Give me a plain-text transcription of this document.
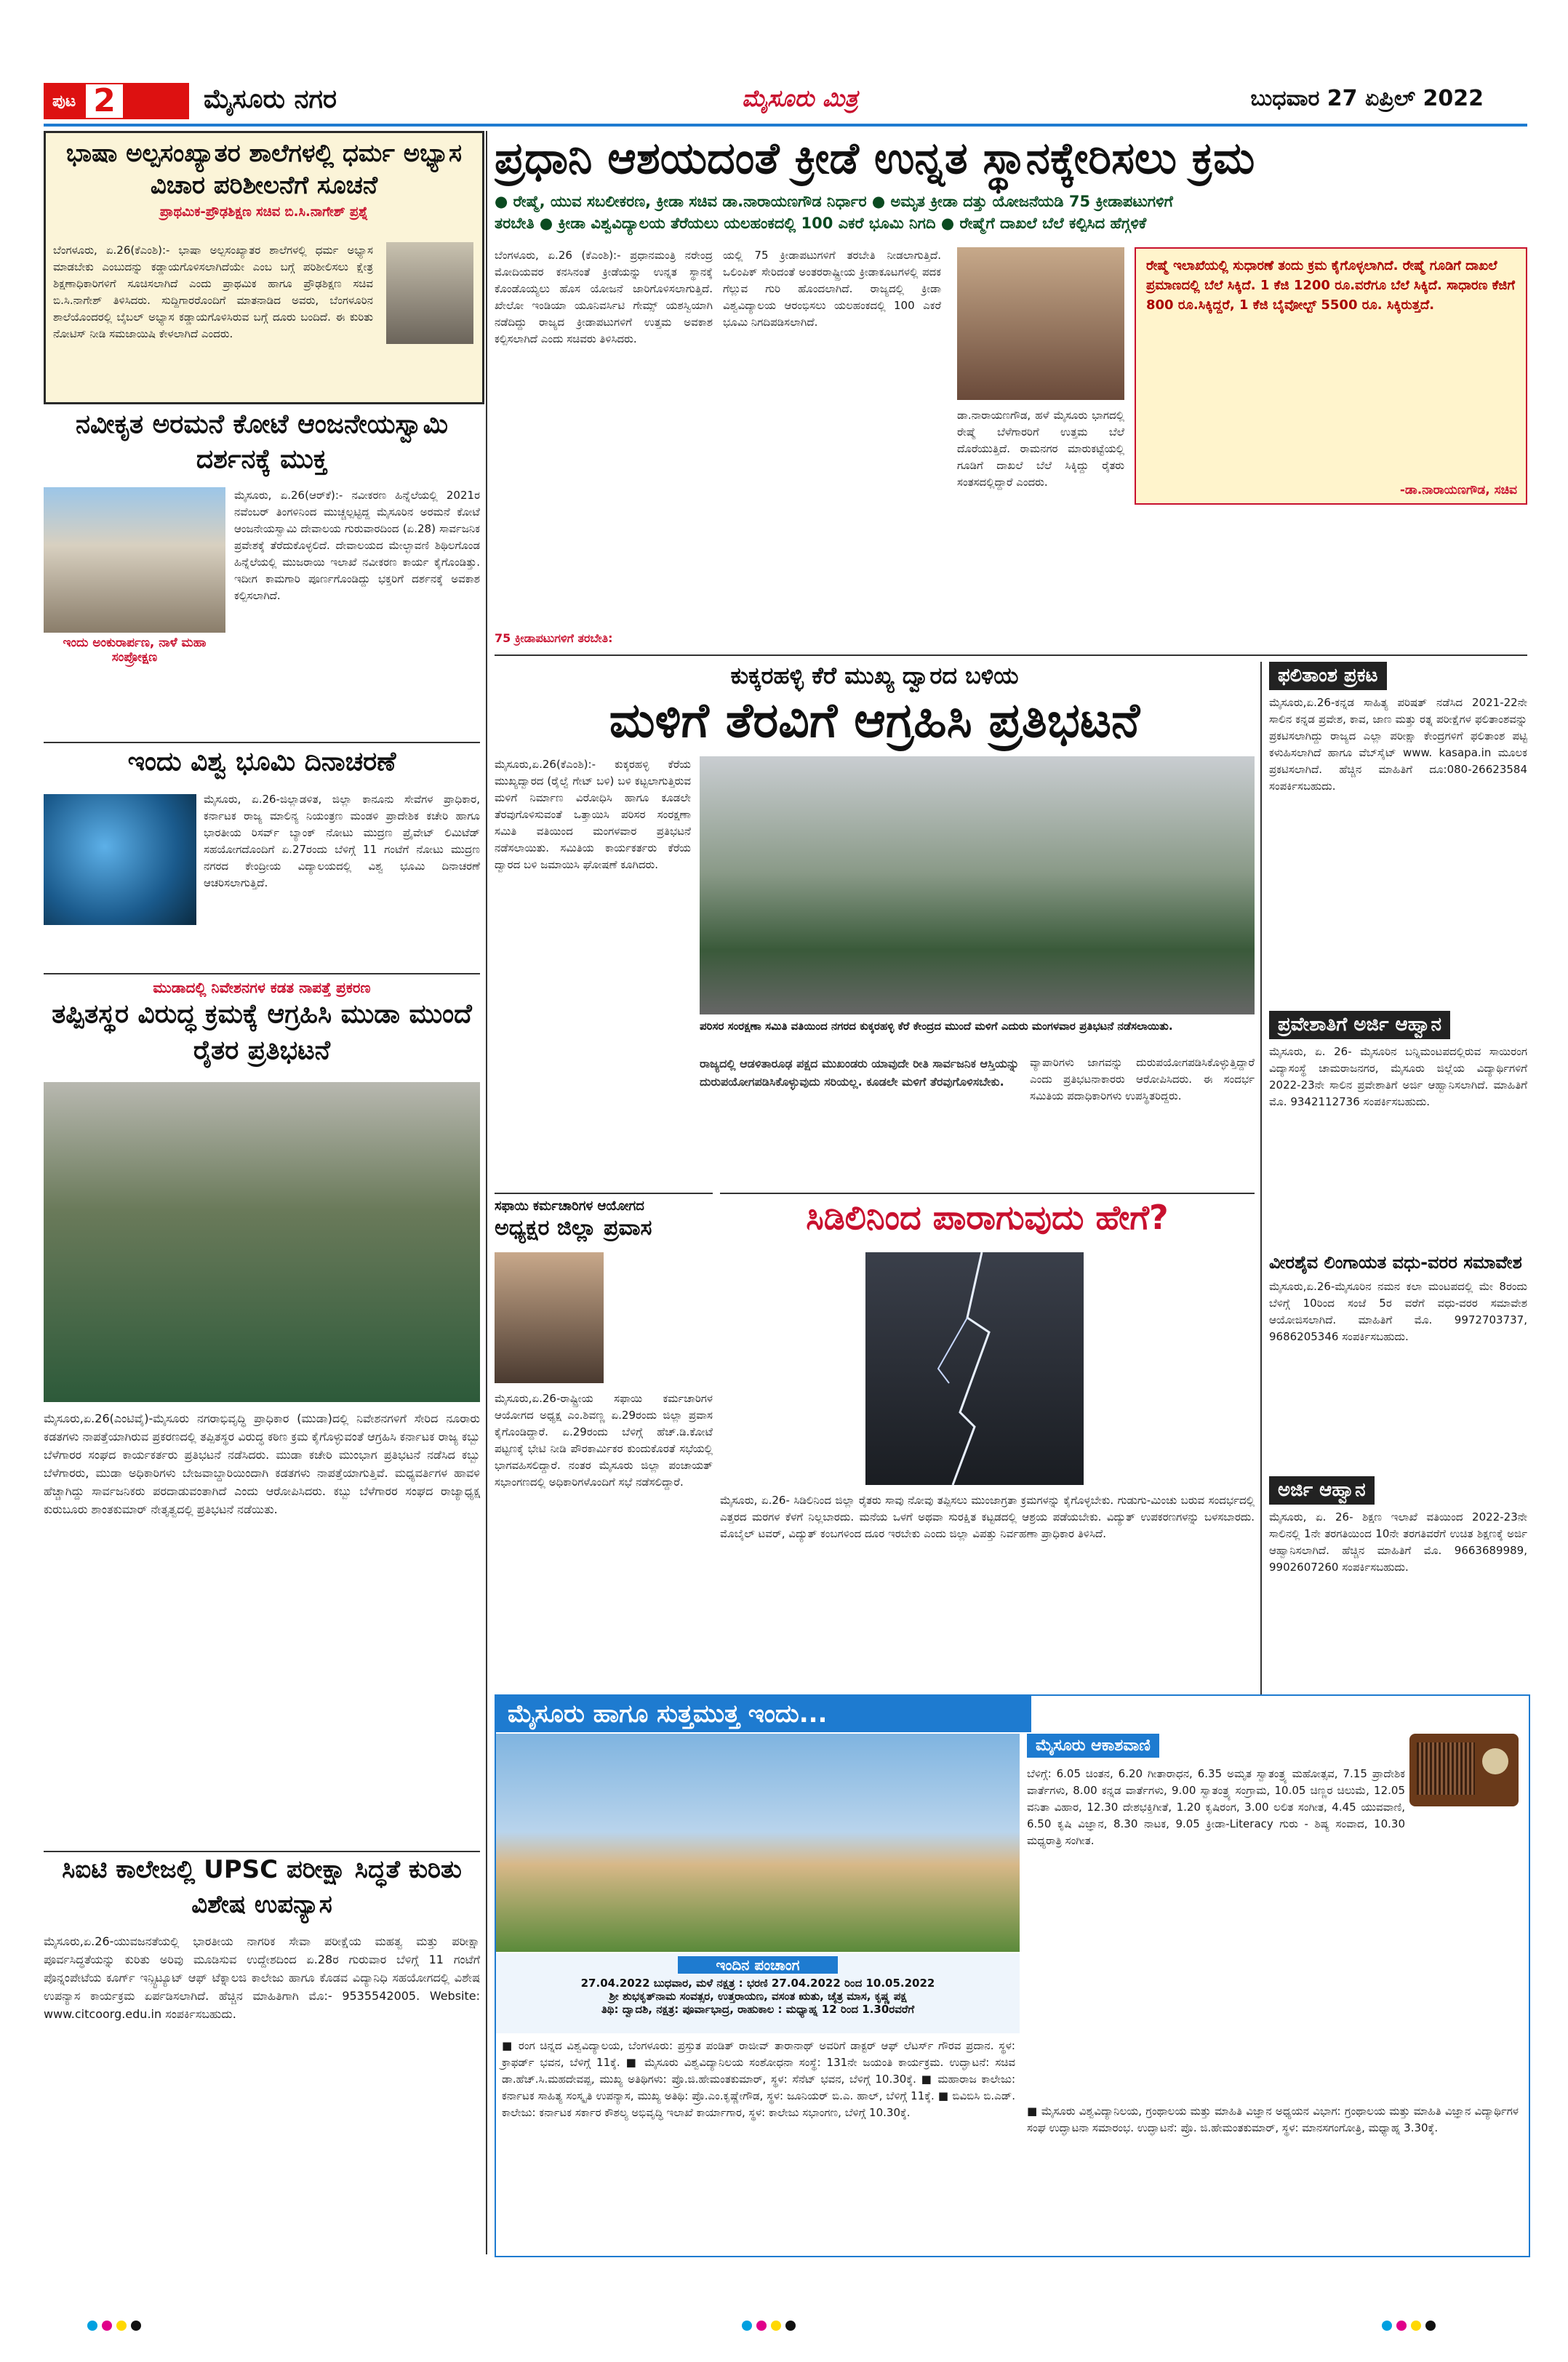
ಪುಟ 2	ಮೈಸೂರು ನಗರ	ಮೈಸೂರು ಮಿತ್ರ	ಬುಧವಾರ 27 ಏಪ್ರಿಲ್ 2022
ಭಾಷಾ ಅಲ್ಪಸಂಖ್ಯಾತರ ಶಾಲೆಗಳಲ್ಲಿ ಧರ್ಮ ಅಭ್ಯಾಸ ವಿಚಾರ ಪರಿಶೀಲನೆಗೆ ಸೂಚನೆ
ಪ್ರಾಥಮಿಕ-ಪ್ರೌಢಶಿಕ್ಷಣ ಸಚಿವ ಬಿ.ಸಿ.ನಾಗೇಶ್ ಪ್ರಶ್ನೆ
ಬೆಂಗಳೂರು, ಏ.26(ಕೆಎಂಶಿ):- ಭಾಷಾ ಅಲ್ಪಸಂಖ್ಯಾತರ ಶಾಲೆಗಳಲ್ಲಿ ಧರ್ಮ ಅಭ್ಯಾಸ ಮಾಡಬೇಕು ಎಂಬುದನ್ನು ಕಡ್ಡಾಯಗೊಳಿಸಲಾಗಿದೆಯೇ ಎಂಬ ಬಗ್ಗೆ ಪರಿಶೀಲಿಸಲು ಕ್ಷೇತ್ರ ಶಿಕ್ಷಣಾಧಿಕಾರಿಗಳಿಗೆ ಸೂಚಿಸಲಾಗಿದೆ ಎಂದು ಪ್ರಾಥಮಿಕ ಹಾಗೂ ಪ್ರೌಢಶಿಕ್ಷಣ ಸಚಿವ ಬಿ.ಸಿ.ನಾಗೇಶ್ ತಿಳಿಸಿದರು. ಸುದ್ದಿಗಾರರೊಂದಿಗೆ ಮಾತನಾಡಿದ ಅವರು, ಬೆಂಗಳೂರಿನ ಶಾಲೆಯೊಂದರಲ್ಲಿ ಬೈಬಲ್ ಅಭ್ಯಾಸ ಕಡ್ಡಾಯಗೊಳಿಸಿರುವ ಬಗ್ಗೆ ದೂರು ಬಂದಿದೆ. ಈ ಕುರಿತು ನೋಟಿಸ್ ನೀಡಿ ಸಮಜಾಯಿಷಿ ಕೇಳಲಾಗಿದೆ ಎಂದರು.
ನವೀಕೃತ ಅರಮನೆ ಕೋಟೆ ಆಂಜನೇಯಸ್ವಾಮಿ ದರ್ಶನಕ್ಕೆ ಮುಕ್ತ
ಇಂದು ಅಂಕುರಾರ್ಪಣ, ನಾಳೆ ಮಹಾ ಸಂಪ್ರೋಕ್ಷಣ
ಮೈಸೂರು, ಏ.26(ಆರ್‌ಕೆ):- ನವೀಕರಣ ಹಿನ್ನೆಲೆಯಲ್ಲಿ 2021ರ ನವೆಂಬರ್ ತಿಂಗಳಿನಿಂದ ಮುಚ್ಚಲ್ಪಟ್ಟಿದ್ದ ಮೈಸೂರಿನ ಅರಮನೆ ಕೋಟೆ ಆಂಜನೇಯಸ್ವಾಮಿ ದೇವಾಲಯ ಗುರುವಾರದಿಂದ (ಏ.28) ಸಾರ್ವಜನಿಕ ಪ್ರವೇಶಕ್ಕೆ ತೆರೆದುಕೊಳ್ಳಲಿದೆ. ದೇವಾಲಯದ ಮೇಲ್ಛಾವಣಿ ಶಿಥಿಲಗೊಂಡ ಹಿನ್ನೆಲೆಯಲ್ಲಿ ಮುಜರಾಯಿ ಇಲಾಖೆ ನವೀಕರಣ ಕಾರ್ಯ ಕೈಗೊಂಡಿತ್ತು. ಇದೀಗ ಕಾಮಗಾರಿ ಪೂರ್ಣಗೊಂಡಿದ್ದು ಭಕ್ತರಿಗೆ ದರ್ಶನಕ್ಕೆ ಅವಕಾಶ ಕಲ್ಪಿಸಲಾಗಿದೆ.
ಇಂದು ವಿಶ್ವ ಭೂಮಿ ದಿನಾಚರಣೆ
ಮೈಸೂರು, ಏ.26-ಜಿಲ್ಲಾಡಳಿತ, ಜಿಲ್ಲಾ ಕಾನೂನು ಸೇವೆಗಳ ಪ್ರಾಧಿಕಾರ, ಕರ್ನಾಟಕ ರಾಜ್ಯ ಮಾಲಿನ್ಯ ನಿಯಂತ್ರಣ ಮಂಡಳಿ ಪ್ರಾದೇಶಿಕ ಕಚೇರಿ ಹಾಗೂ ಭಾರತೀಯ ರಿಸರ್ವ್ ಬ್ಯಾಂಕ್ ನೋಟು ಮುದ್ರಣ ಪ್ರೈವೇಟ್ ಲಿಮಿಟೆಡ್ ಸಹಯೋಗದೊಂದಿಗೆ ಏ.27ರಂದು ಬೆಳಿಗ್ಗೆ 11 ಗಂಟೆಗೆ ನೋಟು ಮುದ್ರಣ ನಗರದ ಕೇಂದ್ರೀಯ ವಿದ್ಯಾಲಯದಲ್ಲಿ ವಿಶ್ವ ಭೂಮಿ ದಿನಾಚರಣೆ ಆಚರಿಸಲಾಗುತ್ತಿದೆ.
ಮುಡಾದಲ್ಲಿ ನಿವೇಶನಗಳ ಕಡತ ನಾಪತ್ತೆ ಪ್ರಕರಣ
ತಪ್ಪಿತಸ್ಥರ ವಿರುದ್ಧ ಕ್ರಮಕ್ಕೆ ಆಗ್ರಹಿಸಿ ಮುಡಾ ಮುಂದೆ ರೈತರ ಪ್ರತಿಭಟನೆ
ಮೈಸೂರು,ಏ.26(ಎಂಟಿವೈ)-ಮೈಸೂರು ನಗರಾಭಿವೃದ್ಧಿ ಪ್ರಾಧಿಕಾರ (ಮುಡಾ)ದಲ್ಲಿ ನಿವೇಶನಗಳಿಗೆ ಸೇರಿದ ನೂರಾರು ಕಡತಗಳು ನಾಪತ್ತೆಯಾಗಿರುವ ಪ್ರಕರಣದಲ್ಲಿ ತಪ್ಪಿತಸ್ಥರ ವಿರುದ್ಧ ಕಠಿಣ ಕ್ರಮ ಕೈಗೊಳ್ಳುವಂತೆ ಆಗ್ರಹಿಸಿ ಕರ್ನಾಟಕ ರಾಜ್ಯ ಕಬ್ಬು ಬೆಳೆಗಾರರ ಸಂಘದ ಕಾರ್ಯಕರ್ತರು ಪ್ರತಿಭಟನೆ ನಡೆಸಿದರು. ಮುಡಾ ಕಚೇರಿ ಮುಂಭಾಗ ಪ್ರತಿಭಟನೆ ನಡೆಸಿದ ಕಬ್ಬು ಬೆಳೆಗಾರರು, ಮುಡಾ ಅಧಿಕಾರಿಗಳು ಬೇಜವಾಬ್ದಾರಿಯಿಂದಾಗಿ ಕಡತಗಳು ನಾಪತ್ತೆಯಾಗುತ್ತಿವೆ. ಮಧ್ಯವರ್ತಿಗಳ ಹಾವಳಿ ಹೆಚ್ಚಾಗಿದ್ದು ಸಾರ್ವಜನಿಕರು ಪರದಾಡುವಂತಾಗಿದೆ ಎಂದು ಆರೋಪಿಸಿದರು. ಕಬ್ಬು ಬೆಳೆಗಾರರ ಸಂಘದ ರಾಜ್ಯಾಧ್ಯಕ್ಷ ಕುರುಬೂರು ಶಾಂತಕುಮಾರ್ ನೇತೃತ್ವದಲ್ಲಿ ಪ್ರತಿಭಟನೆ ನಡೆಯಿತು.
ಸಿಐಟಿ ಕಾಲೇಜಲ್ಲಿ UPSC ಪರೀಕ್ಷಾ ಸಿದ್ಧತೆ ಕುರಿತು ವಿಶೇಷ ಉಪನ್ಯಾಸ
ಮೈಸೂರು,ಏ.26-ಯುವಜನತೆಯಲ್ಲಿ ಭಾರತೀಯ ನಾಗರಿಕ ಸೇವಾ ಪರೀಕ್ಷೆಯ ಮಹತ್ವ ಮತ್ತು ಪರೀಕ್ಷಾ ಪೂರ್ವಸಿದ್ಧತೆಯನ್ನು ಕುರಿತು ಅರಿವು ಮೂಡಿಸುವ ಉದ್ದೇಶದಿಂದ ಏ.28ರ ಗುರುವಾರ ಬೆಳಿಗ್ಗೆ 11 ಗಂಟೆಗೆ ಪೊನ್ನಂಪೇಟೆಯ ಕೂರ್ಗ್ ಇನ್ಸ್ಟಿಟ್ಯೂಟ್ ಆಫ್ ಟೆಕ್ನಾಲಜಿ ಕಾಲೇಜು ಹಾಗೂ ಕೊಡವ ವಿದ್ಯಾನಿಧಿ ಸಹಯೋಗದಲ್ಲಿ ವಿಶೇಷ ಉಪನ್ಯಾಸ ಕಾರ್ಯಕ್ರಮ ಏರ್ಪಡಿಸಲಾಗಿದೆ. ಹೆಚ್ಚಿನ ಮಾಹಿತಿಗಾಗಿ ಮೊ:- 9535542005. Website: www.citcoorg.edu.in ಸಂಪರ್ಕಿಸಬಹುದು.
ಪ್ರಧಾನಿ ಆಶಯದಂತೆ ಕ್ರೀಡೆ ಉನ್ನತ ಸ್ಥಾನಕ್ಕೇರಿಸಲು ಕ್ರಮ
● ರೇಷ್ಮೆ, ಯುವ ಸಬಲೀಕರಣ, ಕ್ರೀಡಾ ಸಚಿವ ಡಾ.ನಾರಾಯಣಗೌಡ ನಿರ್ಧಾರ ● ಅಮೃತ ಕ್ರೀಡಾ ದತ್ತು ಯೋಜನೆಯಡಿ 75 ಕ್ರೀಡಾಪಟುಗಳಿಗೆ
ತರಬೇತಿ ● ಕ್ರೀಡಾ ವಿಶ್ವವಿದ್ಯಾಲಯ ತೆರೆಯಲು ಯಲಹಂಕದಲ್ಲಿ 100 ಎಕರೆ ಭೂಮಿ ನಿಗದಿ ● ರೇಷ್ಮೆಗೆ ದಾಖಲೆ ಬೆಲೆ ಕಲ್ಪಿಸಿದ ಹೆಗ್ಗಳಿಕೆ
ಬೆಂಗಳೂರು, ಏ.26 (ಕೆಎಂಶಿ):- ಪ್ರಧಾನಮಂತ್ರಿ ನರೇಂದ್ರ ಮೋದಿಯವರ ಕನಸಿನಂತೆ ಕ್ರೀಡೆಯನ್ನು ಉನ್ನತ ಸ್ಥಾನಕ್ಕೆ ಕೊಂಡೊಯ್ಯಲು ಹೊಸ ಯೋಜನೆ ಜಾರಿಗೊಳಿಸಲಾಗುತ್ತಿದೆ. ಖೇಲೋ ಇಂಡಿಯಾ ಯೂನಿವರ್ಸಿಟಿ ಗೇಮ್ಸ್ ಯಶಸ್ವಿಯಾಗಿ ನಡೆದಿದ್ದು ರಾಜ್ಯದ ಕ್ರೀಡಾಪಟುಗಳಿಗೆ ಉತ್ತಮ ಅವಕಾಶ ಕಲ್ಪಿಸಲಾಗಿದೆ ಎಂದು ಸಚಿವರು ತಿಳಿಸಿದರು.
ಯಲ್ಲಿ 75 ಕ್ರೀಡಾಪಟುಗಳಿಗೆ ತರಬೇತಿ ನೀಡಲಾಗುತ್ತಿದೆ. ಒಲಿಂಪಿಕ್ ಸೇರಿದಂತೆ ಅಂತರರಾಷ್ಟ್ರೀಯ ಕ್ರೀಡಾಕೂಟಗಳಲ್ಲಿ ಪದಕ ಗೆಲ್ಲುವ ಗುರಿ ಹೊಂದಲಾಗಿದೆ. ರಾಜ್ಯದಲ್ಲಿ ಕ್ರೀಡಾ ವಿಶ್ವವಿದ್ಯಾಲಯ ಆರಂಭಿಸಲು ಯಲಹಂಕದಲ್ಲಿ 100 ಎಕರೆ ಭೂಮಿ ನಿಗದಿಪಡಿಸಲಾಗಿದೆ.
ಡಾ.ನಾರಾಯಣಗೌಡ, ಹಳೆ ಮೈಸೂರು ಭಾಗದಲ್ಲಿ ರೇಷ್ಮೆ ಬೆಳೆಗಾರರಿಗೆ ಉತ್ತಮ ಬೆಲೆ ದೊರೆಯುತ್ತಿದೆ. ರಾಮನಗರ ಮಾರುಕಟ್ಟೆಯಲ್ಲಿ ಗೂಡಿಗೆ ದಾಖಲೆ ಬೆಲೆ ಸಿಕ್ಕಿದ್ದು ರೈತರು ಸಂತಸದಲ್ಲಿದ್ದಾರೆ ಎಂದರು.
ರೇಷ್ಮೆ ಇಲಾಖೆಯಲ್ಲಿ ಸುಧಾರಣೆ ತಂದು ಕ್ರಮ ಕೈಗೊಳ್ಳಲಾಗಿದೆ. ರೇಷ್ಮೆ ಗೂಡಿಗೆ ದಾಖಲೆ ಪ್ರಮಾಣದಲ್ಲಿ ಬೆಲೆ ಸಿಕ್ಕಿದೆ. 1 ಕೆಜಿ 1200 ರೂ.ವರೆಗೂ ಬೆಲೆ ಸಿಕ್ಕಿದೆ. ಸಾಧಾರಣ ಕೆಜಿಗೆ 800 ರೂ.ಸಿಕ್ಕಿದ್ದರೆ, 1 ಕೆಜಿ ಬೈವೋಲ್ಟ್ 5500 ರೂ. ಸಿಕ್ಕಿರುತ್ತದೆ.
-ಡಾ.ನಾರಾಯಣಗೌಡ, ಸಚಿವ
75 ಕ್ರೀಡಾಪಟುಗಳಿಗೆ ತರಬೇತಿ:
ಕುಕ್ಕರಹಳ್ಳಿ ಕೆರೆ ಮುಖ್ಯ ದ್ವಾರದ ಬಳಿಯ
ಮಳಿಗೆ ತೆರವಿಗೆ ಆಗ್ರಹಿಸಿ ಪ್ರತಿಭಟನೆ
ಮೈಸೂರು,ಏ.26(ಕೆಎಂಶಿ):- ಕುಕ್ಕರಹಳ್ಳಿ ಕೆರೆಯ ಮುಖ್ಯದ್ವಾರದ (ರೈಲ್ವೆ ಗೇಟ್ ಬಳಿ) ಬಳಿ ಕಟ್ಟಲಾಗುತ್ತಿರುವ ಮಳಿಗೆ ನಿರ್ಮಾಣ ವಿರೋಧಿಸಿ ಹಾಗೂ ಕೂಡಲೇ ತೆರವುಗೊಳಿಸುವಂತೆ ಒತ್ತಾಯಿಸಿ ಪರಿಸರ ಸಂರಕ್ಷಣಾ ಸಮಿತಿ ವತಿಯಿಂದ ಮಂಗಳವಾರ ಪ್ರತಿಭಟನೆ ನಡೆಸಲಾಯಿತು. ಸಮಿತಿಯ ಕಾರ್ಯಕರ್ತರು ಕೆರೆಯ ದ್ವಾರದ ಬಳಿ ಜಮಾಯಿಸಿ ಘೋಷಣೆ ಕೂಗಿದರು.
ಪರಿಸರ ಸಂರಕ್ಷಣಾ ಸಮಿತಿ ವತಿಯಿಂದ ನಗರದ ಕುಕ್ಕರಹಳ್ಳಿ ಕೆರೆ ಕೇಂದ್ರದ ಮುಂದೆ ಮಳಿಗೆ ಎದುರು ಮಂಗಳವಾರ ಪ್ರತಿಭಟನೆ ನಡೆಸಲಾಯಿತು.
ರಾಜ್ಯದಲ್ಲಿ ಆಡಳಿತಾರೂಢ ಪಕ್ಷದ ಮುಖಂಡರು ಯಾವುದೇ ರೀತಿ ಸಾರ್ವಜನಿಕ ಆಸ್ತಿಯನ್ನು ದುರುಪಯೋಗಪಡಿಸಿಕೊಳ್ಳುವುದು ಸರಿಯಲ್ಲ. ಕೂಡಲೇ ಮಳಿಗೆ ತೆರವುಗೊಳಿಸಬೇಕು.
ವ್ಯಾಪಾರಿಗಳು ಜಾಗವನ್ನು ದುರುಪಯೋಗಪಡಿಸಿಕೊಳ್ಳುತ್ತಿದ್ದಾರೆ ಎಂದು ಪ್ರತಿಭಟನಾಕಾರರು ಆರೋಪಿಸಿದರು. ಈ ಸಂದರ್ಭ ಸಮಿತಿಯ ಪದಾಧಿಕಾರಿಗಳು ಉಪಸ್ಥಿತರಿದ್ದರು.
ಸಫಾಯಿ ಕರ್ಮಚಾರಿಗಳ ಆಯೋಗದ
ಅಧ್ಯಕ್ಷರ ಜಿಲ್ಲಾ ಪ್ರವಾಸ
ಮೈಸೂರು,ಏ.26-ರಾಷ್ಟ್ರೀಯ ಸಫಾಯಿ ಕರ್ಮಚಾರಿಗಳ ಆಯೋಗದ ಅಧ್ಯಕ್ಷ ಎಂ.ಶಿವಣ್ಣ ಏ.29ರಂದು ಜಿಲ್ಲಾ ಪ್ರವಾಸ ಕೈಗೊಂಡಿದ್ದಾರೆ. ಏ.29ರಂದು ಬೆಳಿಗ್ಗೆ ಹೆಚ್.ಡಿ.ಕೋಟೆ ಪಟ್ಟಣಕ್ಕೆ ಭೇಟಿ ನೀಡಿ ಪೌರಕಾರ್ಮಿಕರ ಕುಂದುಕೊರತೆ ಸಭೆಯಲ್ಲಿ ಭಾಗವಹಿಸಲಿದ್ದಾರೆ. ನಂತರ ಮೈಸೂರು ಜಿಲ್ಲಾ ಪಂಚಾಯತ್ ಸಭಾಂಗಣದಲ್ಲಿ ಅಧಿಕಾರಿಗಳೊಂದಿಗೆ ಸಭೆ ನಡೆಸಲಿದ್ದಾರೆ.
ಸಿಡಿಲಿನಿಂದ ಪಾರಾಗುವುದು ಹೇಗೆ?
ಮೈಸೂರು, ಏ.26- ಸಿಡಿಲಿನಿಂದ ಜಿಲ್ಲಾ ರೈತರು ಸಾವು ನೋವು ತಪ್ಪಿಸಲು ಮುಂಜಾಗ್ರತಾ ಕ್ರಮಗಳನ್ನು ಕೈಗೊಳ್ಳಬೇಕು. ಗುಡುಗು-ಮಿಂಚು ಬರುವ ಸಂದರ್ಭದಲ್ಲಿ ಎತ್ತರದ ಮರಗಳ ಕೆಳಗೆ ನಿಲ್ಲಬಾರದು. ಮನೆಯ ಒಳಗೆ ಅಥವಾ ಸುರಕ್ಷಿತ ಕಟ್ಟಡದಲ್ಲಿ ಆಶ್ರಯ ಪಡೆಯಬೇಕು. ವಿದ್ಯುತ್ ಉಪಕರಣಗಳನ್ನು ಬಳಸಬಾರದು. ಮೊಬೈಲ್ ಟವರ್, ವಿದ್ಯುತ್ ಕಂಬಗಳಿಂದ ದೂರ ಇರಬೇಕು ಎಂದು ಜಿಲ್ಲಾ ವಿಪತ್ತು ನಿರ್ವಹಣಾ ಪ್ರಾಧಿಕಾರ ತಿಳಿಸಿದೆ.
ಫಲಿತಾಂಶ ಪ್ರಕಟ
ಮೈಸೂರು,ಏ.26-ಕನ್ನಡ ಸಾಹಿತ್ಯ ಪರಿಷತ್ ನಡೆಸಿದ 2021-22ನೇ ಸಾಲಿನ ಕನ್ನಡ ಪ್ರವೇಶ, ಕಾವ, ಜಾಣ ಮತ್ತು ರತ್ನ ಪರೀಕ್ಷೆಗಳ ಫಲಿತಾಂಶವನ್ನು ಪ್ರಕಟಿಸಲಾಗಿದ್ದು ರಾಜ್ಯದ ಎಲ್ಲಾ ಪರೀಕ್ಷಾ ಕೇಂದ್ರಗಳಿಗೆ ಫಲಿತಾಂಶ ಪಟ್ಟಿ ಕಳುಹಿಸಲಾಗಿದೆ ಹಾಗೂ ವೆಬ್‌ಸೈಟ್ www. kasapa.in ಮೂಲಕ ಪ್ರಕಟಿಸಲಾಗಿದೆ. ಹೆಚ್ಚಿನ ಮಾಹಿತಿಗೆ ದೂ:080-26623584 ಸಂಪರ್ಕಿಸಬಹುದು.
ಪ್ರವೇಶಾತಿಗೆ ಅರ್ಜಿ ಆಹ್ವಾನ
ಮೈಸೂರು, ಏ. 26- ಮೈಸೂರಿನ ಬನ್ನಿಮಂಟಪದಲ್ಲಿರುವ ಸಾಯಿರಂಗ ವಿದ್ಯಾಸಂಸ್ಥೆ ಚಾಮರಾಜನಗರ, ಮೈಸೂರು ಜಿಲ್ಲೆಯ ವಿದ್ಯಾರ್ಥಿಗಳಿಗೆ 2022-23ನೇ ಸಾಲಿನ ಪ್ರವೇಶಾತಿಗೆ ಅರ್ಜಿ ಆಹ್ವಾನಿಸಲಾಗಿದೆ. ಮಾಹಿತಿಗೆ ಮೊ. 9342112736 ಸಂಪರ್ಕಿಸಬಹುದು.
ವೀರಶೈವ ಲಿಂಗಾಯತ ವಧು-ವರರ ಸಮಾವೇಶ
ಮೈಸೂರು,ಏ.26-ಮೈಸೂರಿನ ನಮನ ಕಲಾ ಮಂಟಪದಲ್ಲಿ ಮೇ 8ರಂದು ಬೆಳಿಗ್ಗೆ 10ರಿಂದ ಸಂಜೆ 5ರ ವರೆಗೆ ವಧು-ವರರ ಸಮಾವೇಶ ಆಯೋಜಿಸಲಾಗಿದೆ. ಮಾಹಿತಿಗೆ ಮೊ. 9972703737, 9686205346 ಸಂಪರ್ಕಿಸಬಹುದು.
ಅರ್ಜಿ ಆಹ್ವಾನ
ಮೈಸೂರು, ಏ. 26- ಶಿಕ್ಷಣ ಇಲಾಖೆ ವತಿಯಿಂದ 2022-23ನೇ ಸಾಲಿನಲ್ಲಿ 1ನೇ ತರಗತಿಯಿಂದ 10ನೇ ತರಗತಿವರೆಗೆ ಉಚಿತ ಶಿಕ್ಷಣಕ್ಕೆ ಅರ್ಜಿ ಆಹ್ವಾನಿಸಲಾಗಿದೆ. ಹೆಚ್ಚಿನ ಮಾಹಿತಿಗೆ ಮೊ. 9663689989, 9902607260 ಸಂಪರ್ಕಿಸಬಹುದು.
ಮೈಸೂರು ಹಾಗೂ ಸುತ್ತಮುತ್ತ ಇಂದು...
ಇಂದಿನ ಪಂಚಾಂಗ
27.04.2022 ಬುಧವಾರ, ಮಳೆ ನಕ್ಷತ್ರ : ಭರಣಿ 27.04.2022 ರಿಂದ 10.05.2022
ಶ್ರೀ ಶುಭಕೃತ್‌ನಾಮ ಸಂವತ್ಸರ, ಉತ್ತರಾಯಣ, ವಸಂತ ಋತು, ಚೈತ್ರ ಮಾಸ, ಕೃಷ್ಣ ಪಕ್ಷ
ತಿಥಿ: ದ್ವಾದಶಿ, ನಕ್ಷತ್ರ: ಪೂರ್ವಾಭಾದ್ರ, ರಾಹುಕಾಲ : ಮಧ್ಯಾಹ್ನ 12 ರಿಂದ 1.30ರವರೆಗೆ
■ ರಂಗ ಚಿನ್ನದ ವಿಶ್ವವಿದ್ಯಾಲಯ, ಬೆಂಗಳೂರು: ಪ್ರಸ್ತುತ ಪಂಡಿತ್ ರಾಜೀವ್ ತಾರಾನಾಥ್ ಅವರಿಗೆ ಡಾಕ್ಟರ್ ಆಫ್ ಲೆಟರ್ಸ್ ಗೌರವ ಪ್ರದಾನ. ಸ್ಥಳ: ಕ್ರಾಫರ್ಡ್ ಭವನ, ಬೆಳಿಗ್ಗೆ 11ಕ್ಕೆ. ■ ಮೈಸೂರು ವಿಶ್ವವಿದ್ಯಾನಿಲಯ ಸಂಶೋಧನಾ ಸಂಸ್ಥೆ: 131ನೇ ಜಯಂತಿ ಕಾರ್ಯಕ್ರಮ. ಉದ್ಘಾಟನೆ: ಸಚಿವ ಡಾ.ಹೆಚ್.ಸಿ.ಮಹದೇವಪ್ಪ, ಮುಖ್ಯ ಅತಿಥಿಗಳು: ಪ್ರೊ.ಜಿ.ಹೇಮಂತಕುಮಾರ್, ಸ್ಥಳ: ಸೆನೆಟ್ ಭವನ, ಬೆಳಿಗ್ಗೆ 10.30ಕ್ಕೆ. ■ ಮಹಾರಾಜ ಕಾಲೇಜು: ಕರ್ನಾಟಕ ಸಾಹಿತ್ಯ ಸಂಸ್ಕೃತಿ ಉಪನ್ಯಾಸ, ಮುಖ್ಯ ಅತಿಥಿ: ಪ್ರೊ.ಎಂ.ಕೃಷ್ಣೇಗೌಡ, ಸ್ಥಳ: ಜೂನಿಯರ್ ಬಿ.ಎ. ಹಾಲ್, ಬೆಳಿಗ್ಗೆ 11ಕ್ಕೆ. ■ ಬಿವಿಬಿಸಿ ಬಿ.ಎಡ್. ಕಾಲೇಜು: ಕರ್ನಾಟಕ ಸರ್ಕಾರ ಕೌಶಲ್ಯ ಅಭಿವೃದ್ಧಿ ಇಲಾಖೆ ಕಾರ್ಯಾಗಾರ, ಸ್ಥಳ: ಕಾಲೇಜು ಸಭಾಂಗಣ, ಬೆಳಿಗ್ಗೆ 10.30ಕ್ಕೆ.
ಮೈಸೂರು ಆಕಾಶವಾಣಿ
ಬೆಳಿಗ್ಗೆ: 6.05 ಚಿಂತನ, 6.20 ಗೀತಾರಾಧನ, 6.35 ಅಮೃತ ಸ್ವಾತಂತ್ರ್ಯ ಮಹೋತ್ಸವ, 7.15 ಪ್ರಾದೇಶಿಕ ವಾರ್ತೆಗಳು, 8.00 ಕನ್ನಡ ವಾರ್ತೆಗಳು, 9.00 ಸ್ವಾತಂತ್ರ್ಯ ಸಂಗ್ರಾಮ, 10.05 ಚಿಣ್ಣರ ಚಿಲುಮೆ, 12.05 ವನಿತಾ ವಿಹಾರ, 12.30 ದೇಶಭಕ್ತಿಗೀತೆ, 1.20 ಕೃಷಿರಂಗ, 3.00 ಲಲಿತ ಸಂಗೀತ, 4.45 ಯುವವಾಣಿ, 6.50 ಕೃಷಿ ವಿಜ್ಞಾನ, 8.30 ನಾಟಕ, 9.05 ಕ್ರೀಡಾ-Literacy ಗುರು - ಶಿಷ್ಯ ಸಂವಾದ, 10.30 ಮಧ್ಯರಾತ್ರಿ ಸಂಗೀತ.
■ ಮೈಸೂರು ವಿಶ್ವವಿದ್ಯಾನಿಲಯ, ಗ್ರಂಥಾಲಯ ಮತ್ತು ಮಾಹಿತಿ ವಿಜ್ಞಾನ ಅಧ್ಯಯನ ವಿಭಾಗ: ಗ್ರಂಥಾಲಯ ಮತ್ತು ಮಾಹಿತಿ ವಿಜ್ಞಾನ ವಿದ್ಯಾರ್ಥಿಗಳ ಸಂಘ ಉದ್ಘಾಟನಾ ಸಮಾರಂಭ. ಉದ್ಘಾಟನೆ: ಪ್ರೊ. ಜಿ.ಹೇಮಂತಕುಮಾರ್, ಸ್ಥಳ: ಮಾನಸಗಂಗೋತ್ರಿ, ಮಧ್ಯಾಹ್ನ 3.30ಕ್ಕೆ.
